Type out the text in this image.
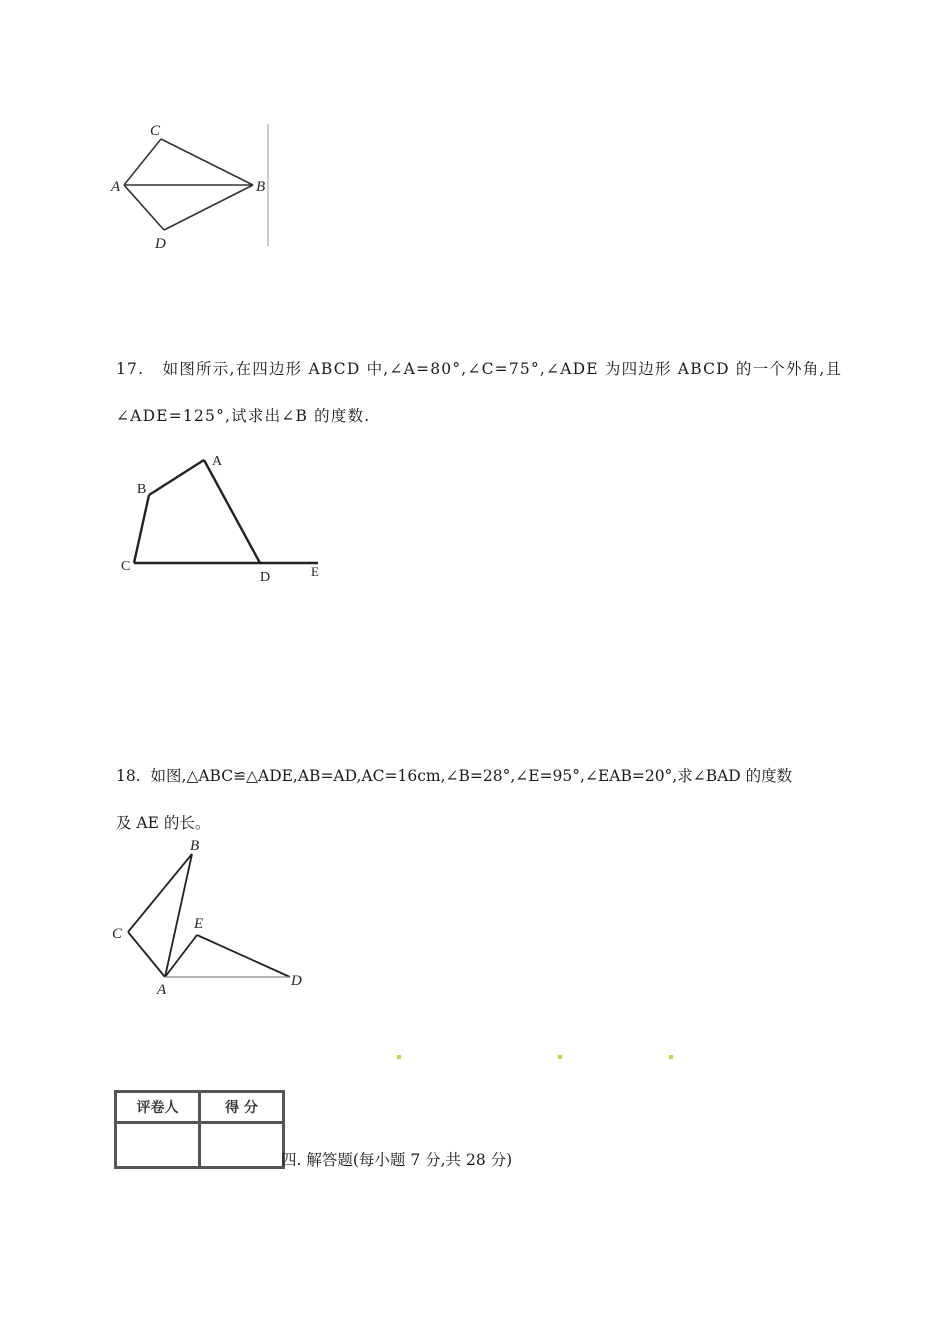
C
A	B
D

17. 如图所示,在四边形 ABCD 中,∠A=80°,∠C=75°,∠ADE 为四边形 ABCD 的一个外角,且

∠ADE=125°,试求出∠B 的度数.

A
B
C
D	E

18. 如图,△ABC≌△ADE,AB=AD,AC=16cm,∠B=28°,∠E=95°,∠EAB=20°,求∠BAD 的度数

及 AE 的长。

B
C
E
A
D
评卷人	得 分

四. 解答题(每小题 7 分,共 28 分)
